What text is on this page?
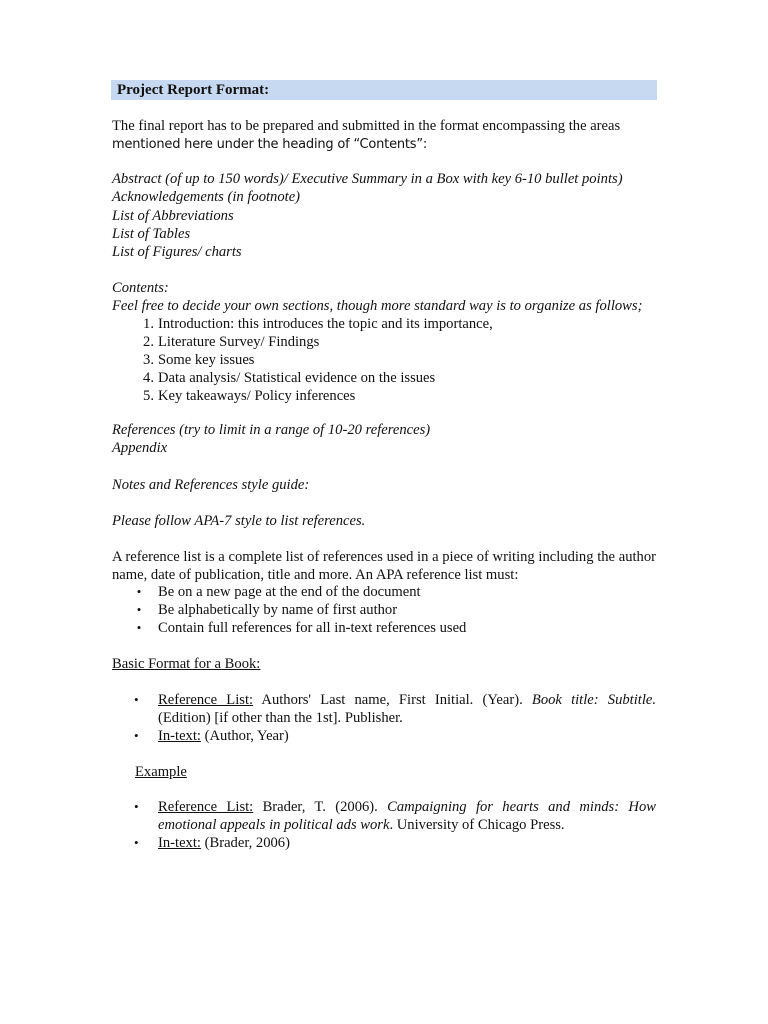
Project Report Format:

The final report has to be prepared and submitted in the format encompassing the areas

mentioned here under the heading of “Contents”:

Abstract (of up to 150 words)/ Executive Summary in a Box with key 6-10 bullet points)

Acknowledgements (in footnote)

List of Abbreviations

List of Tables

List of Figures/ charts

Contents:

Feel free to decide your own sections, though more standard way is to organize as follows;

1. Introduction: this introduces the topic and its importance,
2. Literature Survey/ Findings
3. Some key issues
4. Data analysis/ Statistical evidence on the issues
5. Key takeaways/ Policy inferences

References (try to limit in a range of 10-20 references)

Appendix

Notes and References style guide:

Please follow APA-7 style to list references.

A reference list is a complete list of references used in a piece of writing including the author name, date of publication, title and more. An APA reference list must:

• Be on a new page at the end of the document
• Be alphabetically by name of first author
• Contain full references for all in-text references used

Basic Format for a Book:

• Reference List: Authors' Last name, First Initial. (Year). Book title: Subtitle. (Edition) [if other than the 1st]. Publisher.
• In-text: (Author, Year)

Example

• Reference List: Brader, T. (2006). Campaigning for hearts and minds: How emotional appeals in political ads work. University of Chicago Press.
• In-text: (Brader, 2006)
